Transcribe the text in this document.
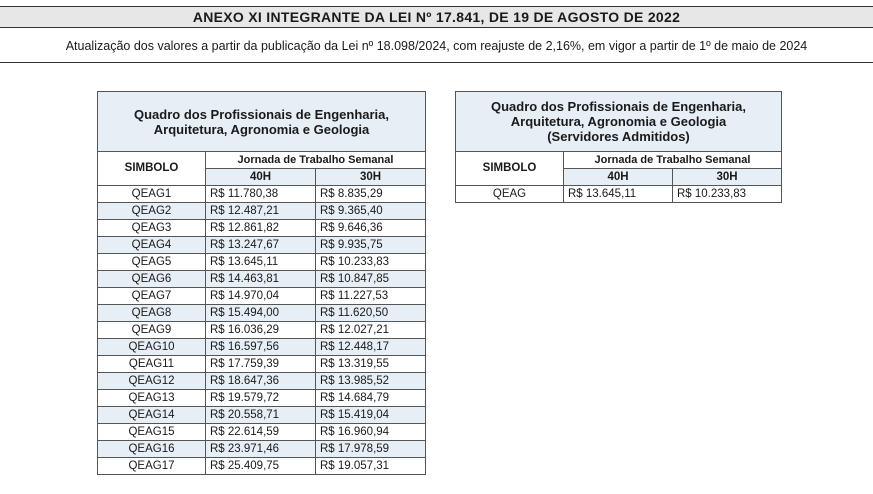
ANEXO XI INTEGRANTE DA LEI Nº 17.841, DE 19 DE AGOSTO DE 2022
Atualização dos valores a partir da publicação da Lei nº 18.098/2024, com reajuste de 2,16%, em vigor a partir de 1º de maio de 2024
Quadro dos Profissionais de Engenharia,
Arquitetura, Agronomia e Geologia		

SIMBOLO	Jornada de Trabalho Semanal	
	40H	30H
QEAG1	R$ 11.780,38	R$ 8.835,29
QEAG2	R$ 12.487,21	R$ 9.365,40
QEAG3	R$ 12.861,82	R$ 9.646,36
QEAG4	R$ 13.247,67	R$ 9.935,75
QEAG5	R$ 13.645,11	R$ 10.233,83
QEAG6	R$ 14.463,81	R$ 10.847,85
QEAG7	R$ 14.970,04	R$ 11.227,53
QEAG8	R$ 15.494,00	R$ 11.620,50
QEAG9	R$ 16.036,29	R$ 12.027,21
QEAG10	R$ 16.597,56	R$ 12.448,17
QEAG11	R$ 17.759,39	R$ 13.319,55
QEAG12	R$ 18.647,36	R$ 13.985,52
QEAG13	R$ 19.579,72	R$ 14.684,79
QEAG14	R$ 20.558,71	R$ 15.419,04
QEAG15	R$ 22.614,59	R$ 16.960,94
QEAG16	R$ 23.971,46	R$ 17.978,59
QEAG17	R$ 25.409,75	R$ 19.057,31
Quadro dos Profissionais de Engenharia,
Arquitetura, Agronomia e Geologia
(Servidores Admitidos)		

SIMBOLO	Jornada de Trabalho Semanal	
	40H	30H
QEAG	R$ 13.645,11	R$ 10.233,83
